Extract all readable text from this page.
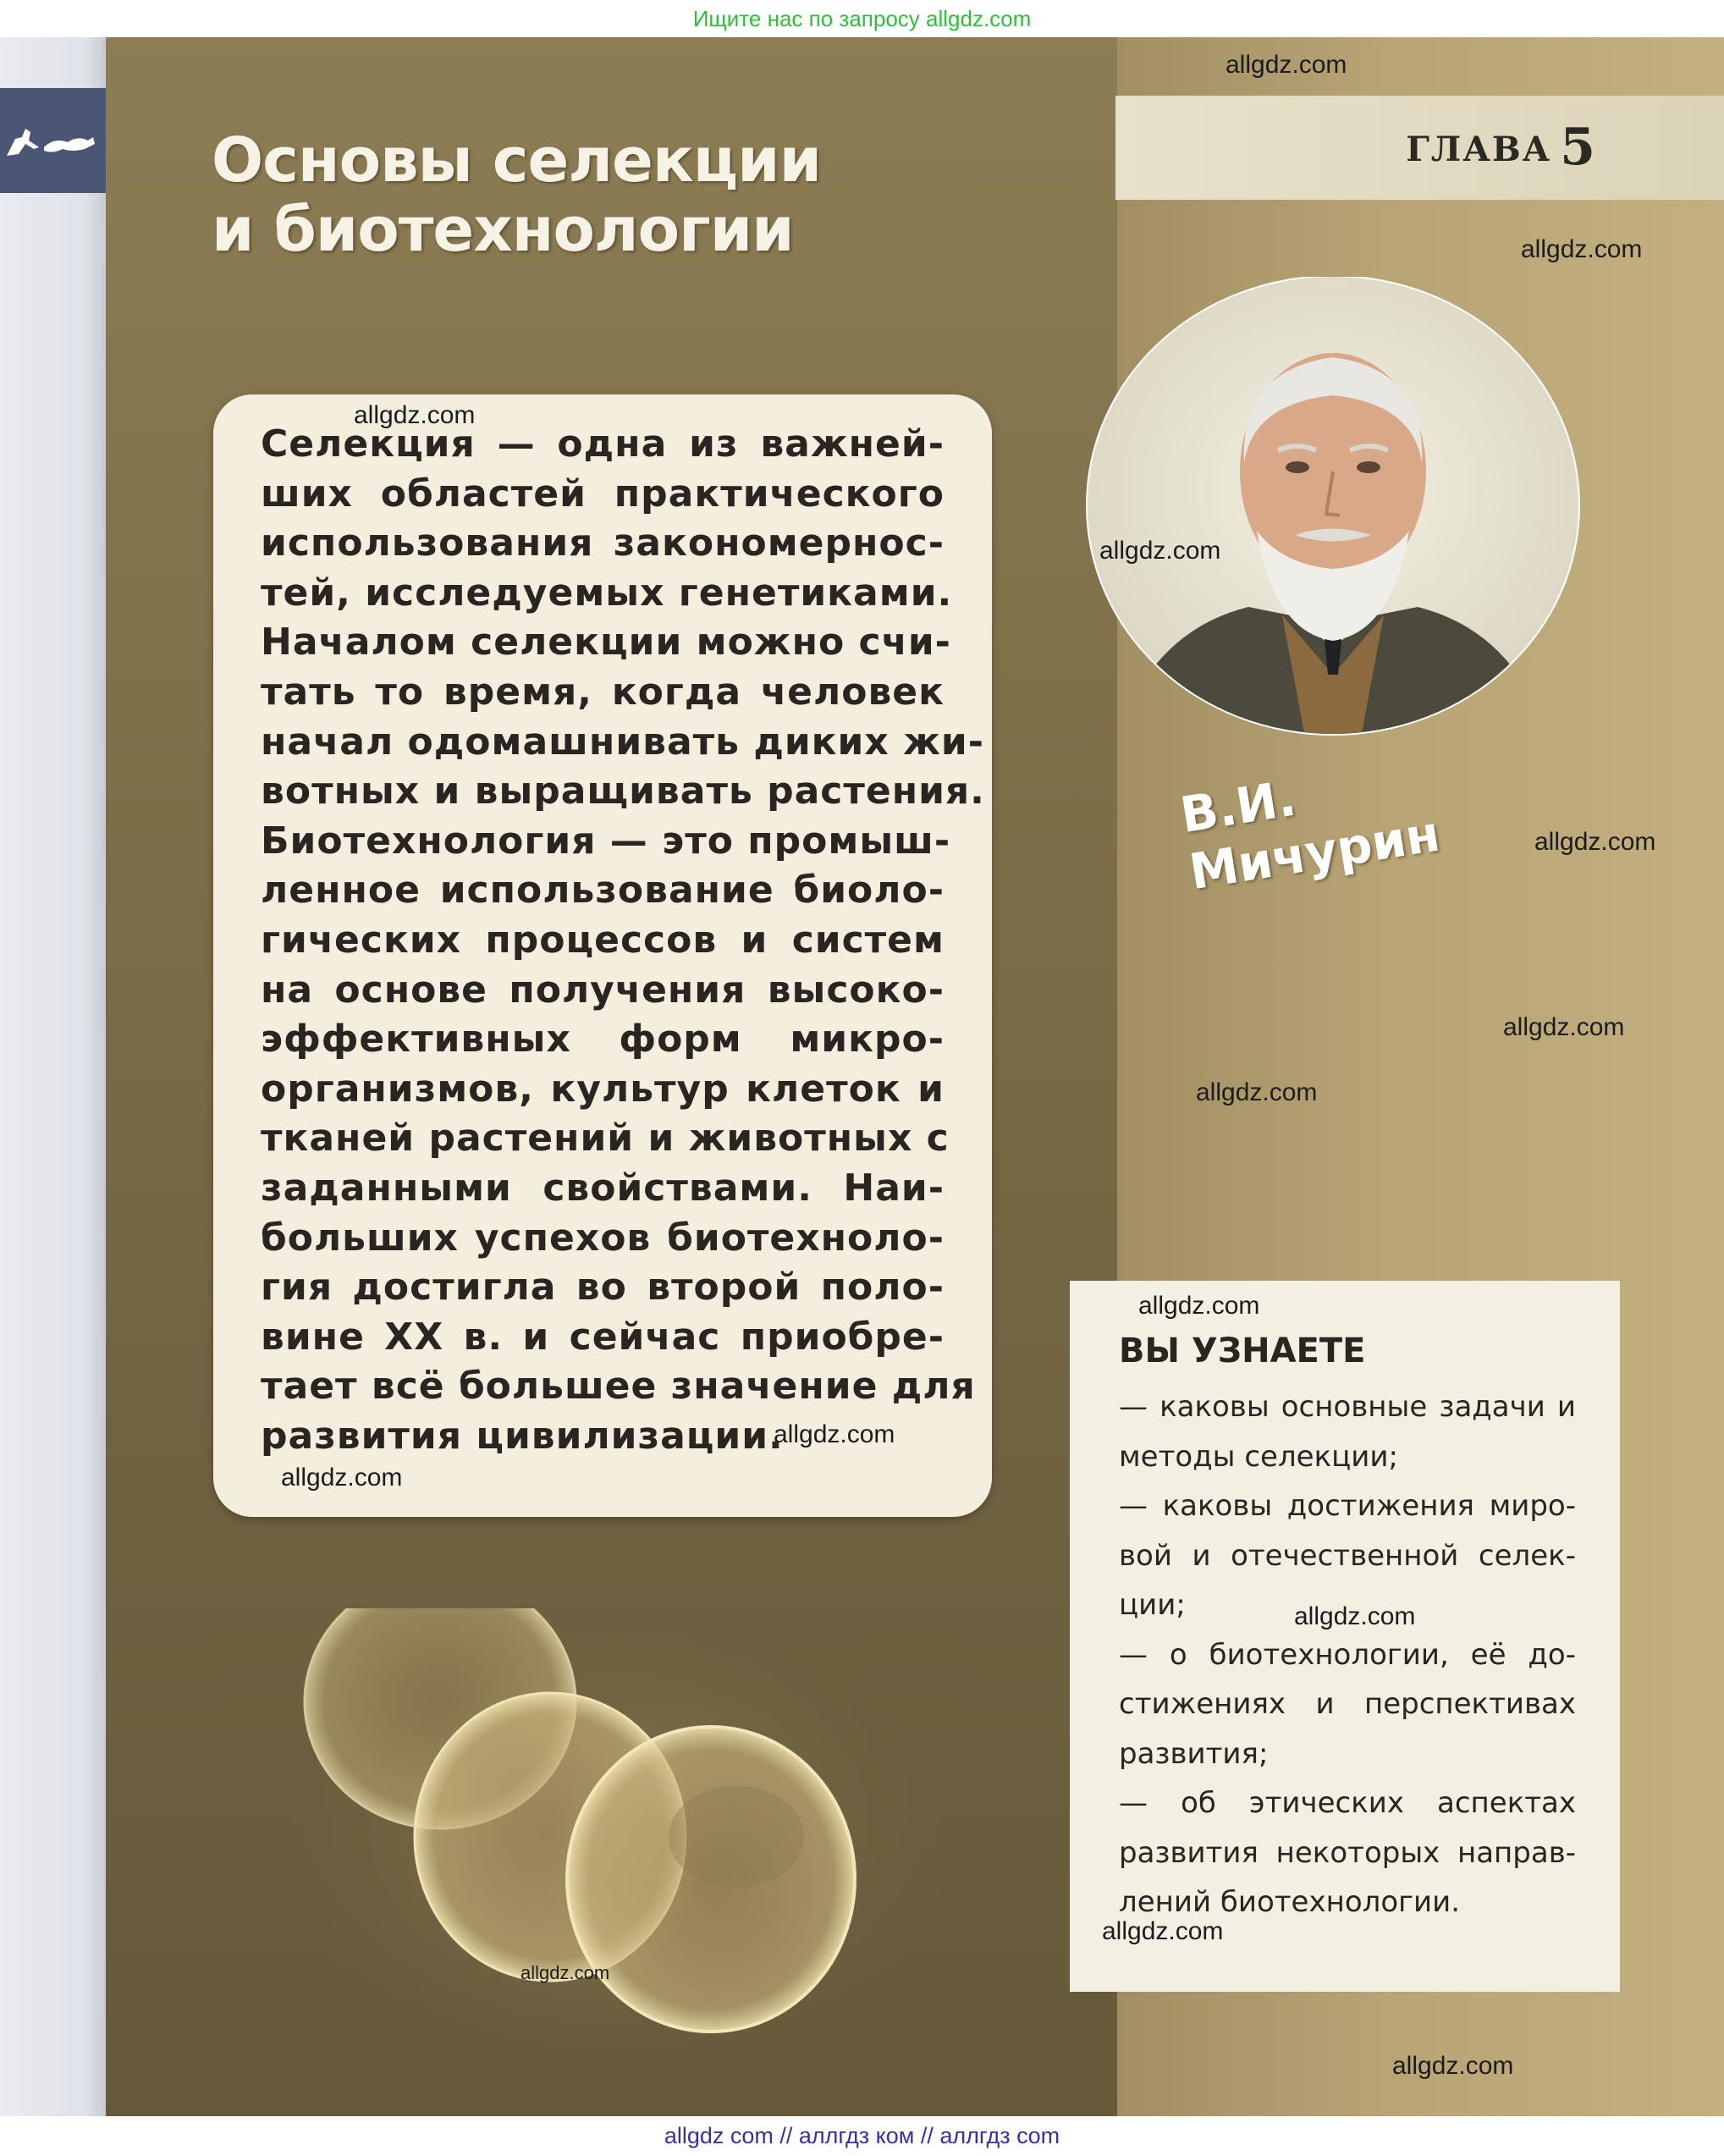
Ищите нас по запросу allgdz.com
ГЛАВА 5
Основы селекции
и биотехнологии
Селекция — одна из важней-
ших областей практического
использования закономернос-
тей, исследуемых генетиками.
Началом селекции можно счи-
тать то время, когда человек
начал одомашнивать диких жи-
вотных и выращивать растения.
Биотехнология — это промыш-
ленное использование биоло-
гических процессов и систем
на основе получения высоко-
эффективных форм микро-
организмов, культур клеток и
тканей растений и животных с
заданными свойствами. Наи-
больших успехов биотехноло-
гия достигла во второй поло-
вине XX в. и сейчас приобре-
тает всё большее значение для
развития цивилизации.
В.И. Мичурин
ВЫ УЗНАЕТЕ
— каковы основные задачи и
методы селекции;
— каковы достижения миро-
вой и отечественной селек-
ции;
— о биотехнологии, её до-
стижениях и перспективах
развития;
— об этических аспектах
развития некоторых направ-
лений биотехнологии.
allgdz.com
allgdz.com
allgdz.com
allgdz.com
allgdz.com
allgdz.com
allgdz.com
allgdz.com
allgdz.com
allgdz.com
allgdz.com
allgdz.com
allgdz.com
allgdz.com
allgdz com // аллгдз ком // аллгдз com
